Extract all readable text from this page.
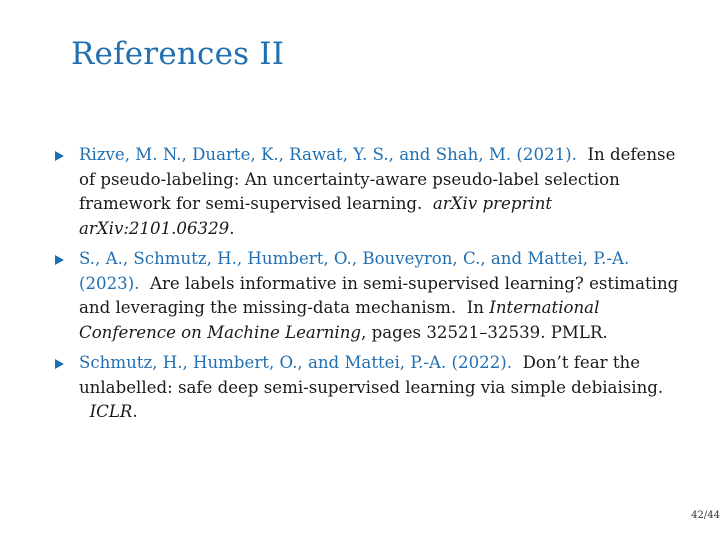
References II
Rizve, M. N., Duarte, K., Rawat, Y. S., and Shah, M. (2021). In defense of pseudo-labeling: An uncertainty-aware pseudo-label selection framework for semi-supervised learning. arXiv preprint arXiv:2101.06329.
S., A., Schmutz, H., Humbert, O., Bouveyron, C., and Mattei, P.-A. (2023). Are labels informative in semi-supervised learning? estimating and leveraging the missing-data mechanism. In International Conference on Machine Learning, pages 32521–32539. PMLR.
Schmutz, H., Humbert, O., and Mattei, P.-A. (2022). Don’t fear the unlabelled: safe deep semi-supervised learning via simple debiaising.  ICLR.
42/44
